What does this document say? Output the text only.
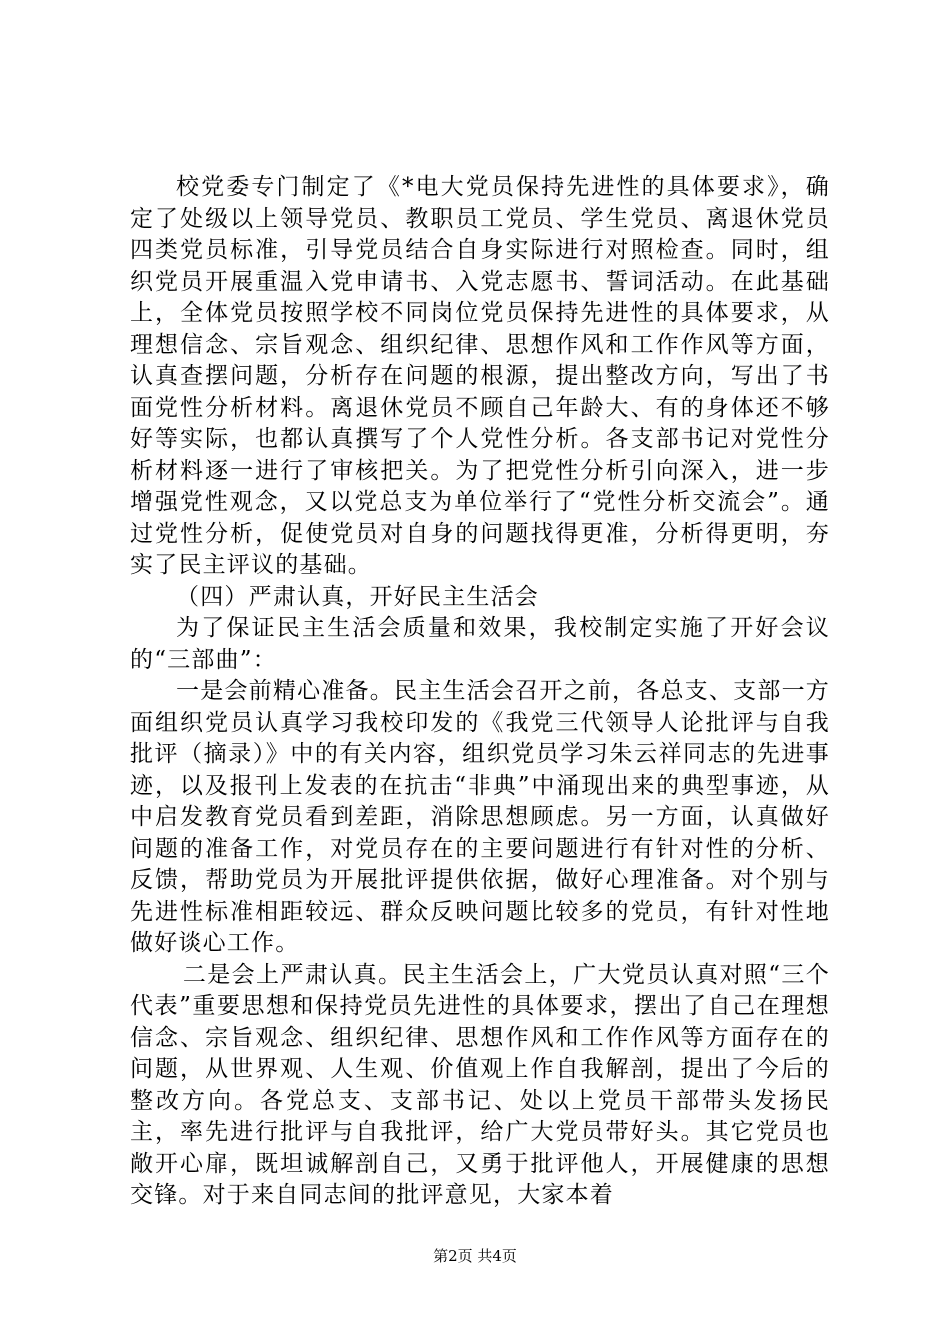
校党委专门制定了《*电大党员保持先进性的具体要求》，确定了处级以上领导党员、教职员工党员、学生党员、离退休党员四类党员标准，引导党员结合自身实际进行对照检查。同时，组织党员开展重温入党申请书、入党志愿书、誓词活动。在此基础上，全体党员按照学校不同岗位党员保持先进性的具体要求，从理想信念、宗旨观念、组织纪律、思想作风和工作作风等方面，认真查摆问题，分析存在问题的根源，提出整改方向，写出了书面党性分析材料。离退休党员不顾自己年龄大、有的身体还不够好等实际，也都认真撰写了个人党性分析。各支部书记对党性分析材料逐一进行了审核把关。为了把党性分析引向深入，进一步增强党性观念，又以党总支为单位举行了“党性分析交流会”。通过党性分析，促使党员对自身的问题找得更准，分析得更明，夯实了民主评议的基础。

（四）严肃认真，开好民主生活会

为了保证民主生活会质量和效果，我校制定实施了开好会议的“三部曲”：

一是会前精心准备。民主生活会召开之前，各总支、支部一方面组织党员认真学习我校印发的《我党三代领导人论批评与自我批评（摘录）》中的有关内容，组织党员学习朱云祥同志的先进事迹，以及报刊上发表的在抗击“非典”中涌现出来的典型事迹，从中启发教育党员看到差距，消除思想顾虑。另一方面，认真做好问题的准备工作，对党员存在的主要问题进行有针对性的分析、反馈，帮助党员为开展批评提供依据，做好心理准备。对个别与先进性标准相距较远、群众反映问题比较多的党员，有针对性地做好谈心工作。

二是会上严肃认真。民主生活会上，广大党员认真对照“三个代表”重要思想和保持党员先进性的具体要求，摆出了自己在理想信念、宗旨观念、组织纪律、思想作风和工作作风等方面存在的问题，从世界观、人生观、价值观上作自我解剖，提出了今后的整改方向。各党总支、支部书记、处以上党员干部带头发扬民主，率先进行批评与自我批评，给广大党员带好头。其它党员也敞开心扉，既坦诚解剖自己，又勇于批评他人，开展健康的思想交锋。对于来自同志间的批评意见，大家本着

第2页 共4页
